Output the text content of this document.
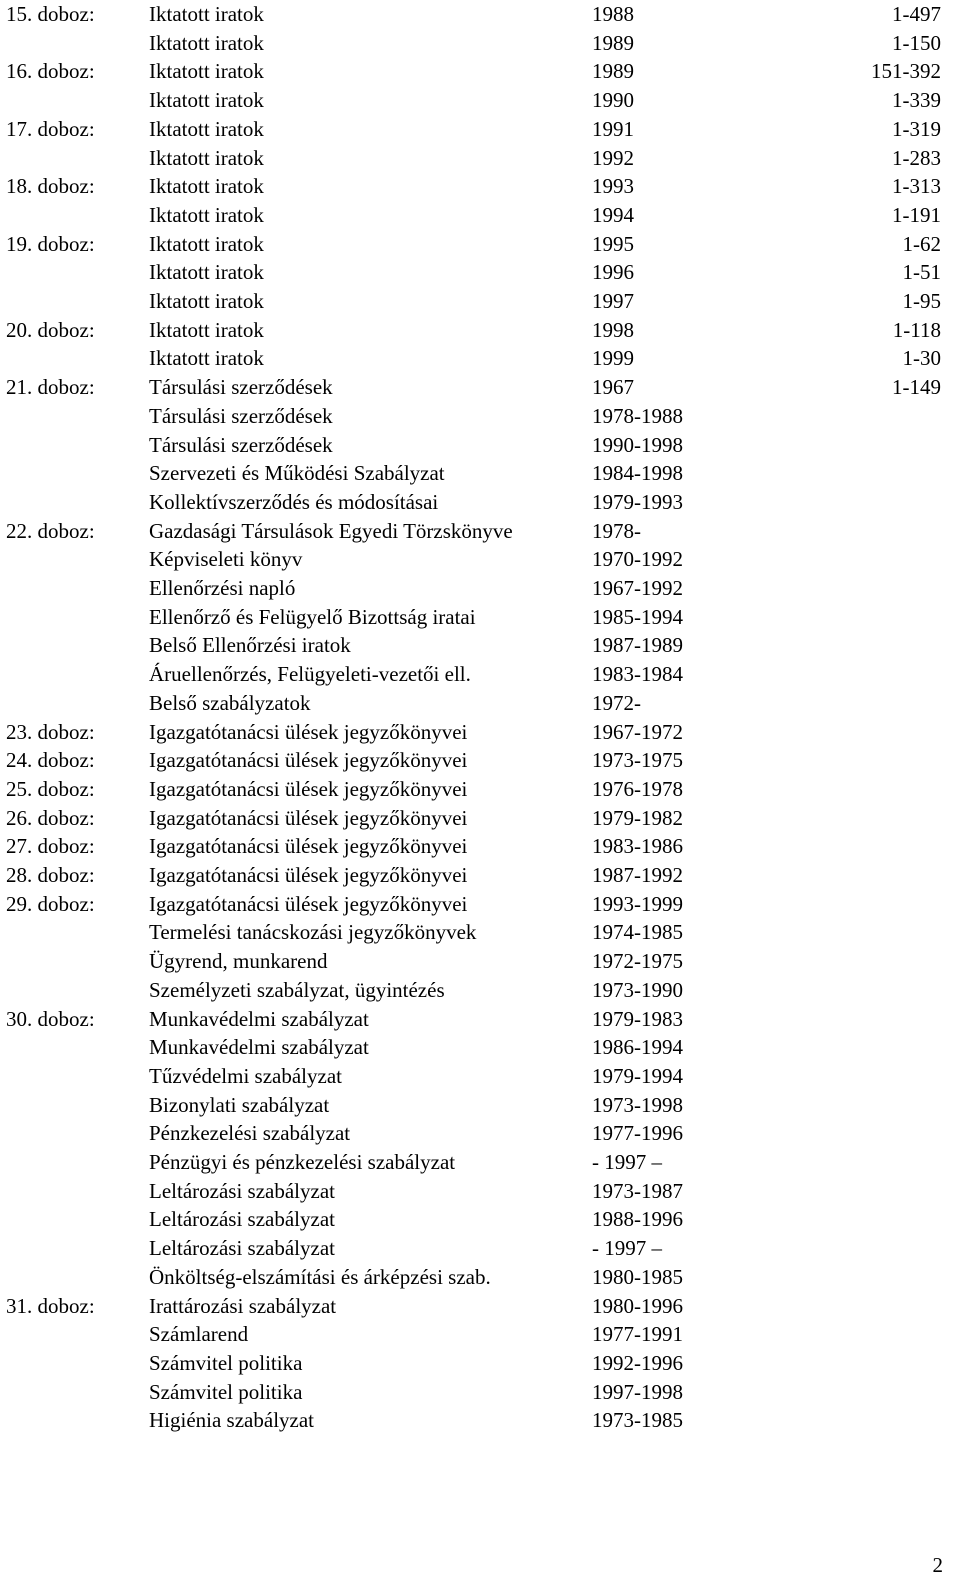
15. doboz:	Iktatott iratok	1988	1-497
Iktatott iratok	1989	1-150
16. doboz:	Iktatott iratok	1989	151-392
Iktatott iratok	1990	1-339
17. doboz:	Iktatott iratok	1991	1-319
Iktatott iratok	1992	1-283
18. doboz:	Iktatott iratok	1993	1-313
Iktatott iratok	1994	1-191
19. doboz:	Iktatott iratok	1995	1-62
Iktatott iratok	1996	1-51
Iktatott iratok	1997	1-95
20. doboz:	Iktatott iratok	1998	1-118
Iktatott iratok	1999	1-30
21. doboz:	Társulási szerződések	1967	1-149
Társulási szerződések	1978-1988
Társulási szerződések	1990-1998
Szervezeti és Működési Szabályzat	1984-1998
Kollektívszerződés és módosításai	1979-1993
22. doboz:	Gazdasági Társulások Egyedi Törzskönyve	1978-
Képviseleti könyv	1970-1992
Ellenőrzési napló	1967-1992
Ellenőrző és Felügyelő Bizottság iratai	1985-1994
Belső Ellenőrzési iratok	1987-1989
Áruellenőrzés, Felügyeleti-vezetői ell.	1983-1984
Belső szabályzatok	1972-
23. doboz:	Igazgatótanácsi ülések jegyzőkönyvei	1967-1972
24. doboz:	Igazgatótanácsi ülések jegyzőkönyvei	1973-1975
25. doboz:	Igazgatótanácsi ülések jegyzőkönyvei	1976-1978
26. doboz:	Igazgatótanácsi ülések jegyzőkönyvei	1979-1982
27. doboz:	Igazgatótanácsi ülések jegyzőkönyvei	1983-1986
28. doboz:	Igazgatótanácsi ülések jegyzőkönyvei	1987-1992
29. doboz:	Igazgatótanácsi ülések jegyzőkönyvei	1993-1999
Termelési tanácskozási jegyzőkönyvek	1974-1985
Ügyrend, munkarend	1972-1975
Személyzeti szabályzat, ügyintézés	1973-1990
30. doboz:	Munkavédelmi szabályzat	1979-1983
Munkavédelmi szabályzat	1986-1994
Tűzvédelmi szabályzat	1979-1994
Bizonylati szabályzat	1973-1998
Pénzkezelési szabályzat	1977-1996
Pénzügyi és pénzkezelési szabályzat	- 1997 –
Leltározási szabályzat	1973-1987
Leltározási szabályzat	1988-1996
Leltározási szabályzat	- 1997 –
Önköltség-elszámítási és árképzési szab.	1980-1985
31. doboz:	Irattározási szabályzat	1980-1996
Számlarend	1977-1991
Számvitel politika	1992-1996
Számvitel politika	1997-1998
Higiénia szabályzat	1973-1985
2
